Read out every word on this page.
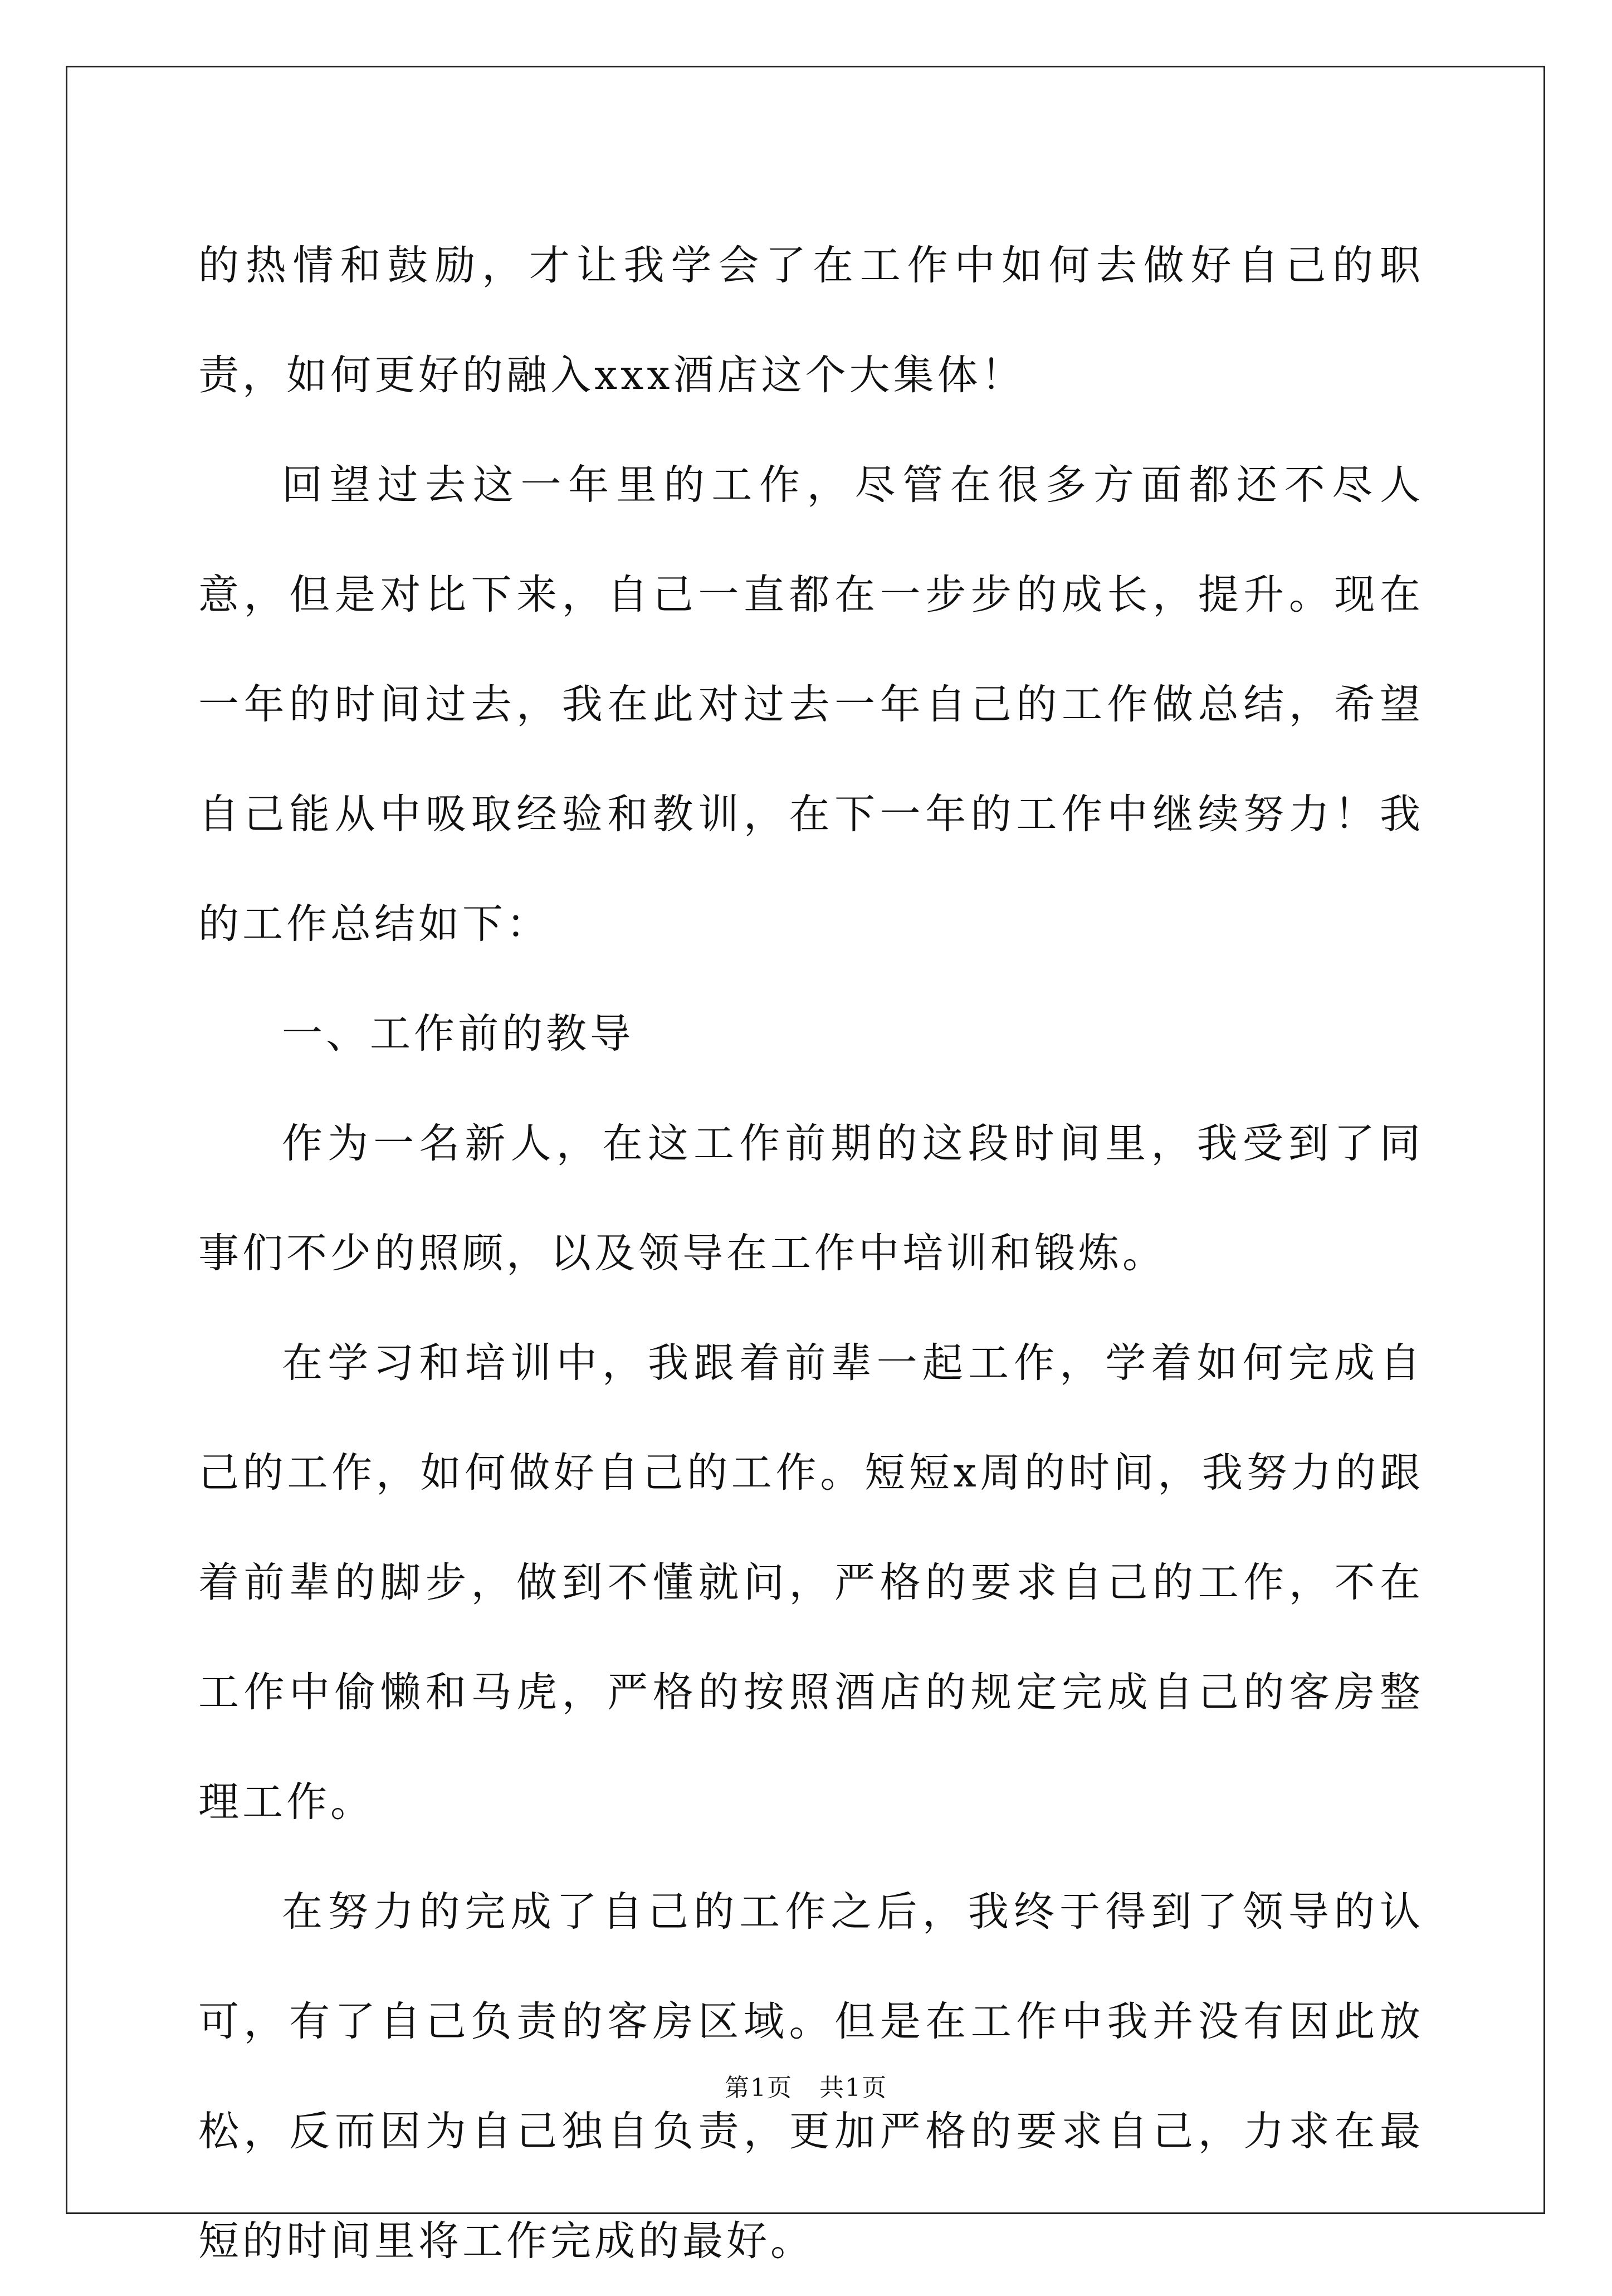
的热情和鼓励，才让我学会了在工作中如何去做好自己的职责，如何更好的融入xxx酒店这个大集体！

回望过去这一年里的工作，尽管在很多方面都还不尽人意，但是对比下来，自己一直都在一步步的成长，提升。现在一年的时间过去，我在此对过去一年自己的工作做总结，希望自己能从中吸取经验和教训，在下一年的工作中继续努力！我的工作总结如下：

一、工作前的教导

作为一名新人，在这工作前期的这段时间里，我受到了同事们不少的照顾，以及领导在工作中培训和锻炼。

在学习和培训中，我跟着前辈一起工作，学着如何完成自己的工作，如何做好自己的工作。短短x周的时间，我努力的跟着前辈的脚步，做到不懂就问，严格的要求自己的工作，不在工作中偷懒和马虎，严格的按照酒店的规定完成自己的客房整理工作。

在努力的完成了自己的工作之后，我终于得到了领导的认可，有了自己负责的客房区域。但是在工作中我并没有因此放松，反而因为自己独自负责，更加严格的要求自己，力求在最短的时间里将工作完成的最好。

第1页   共1页
